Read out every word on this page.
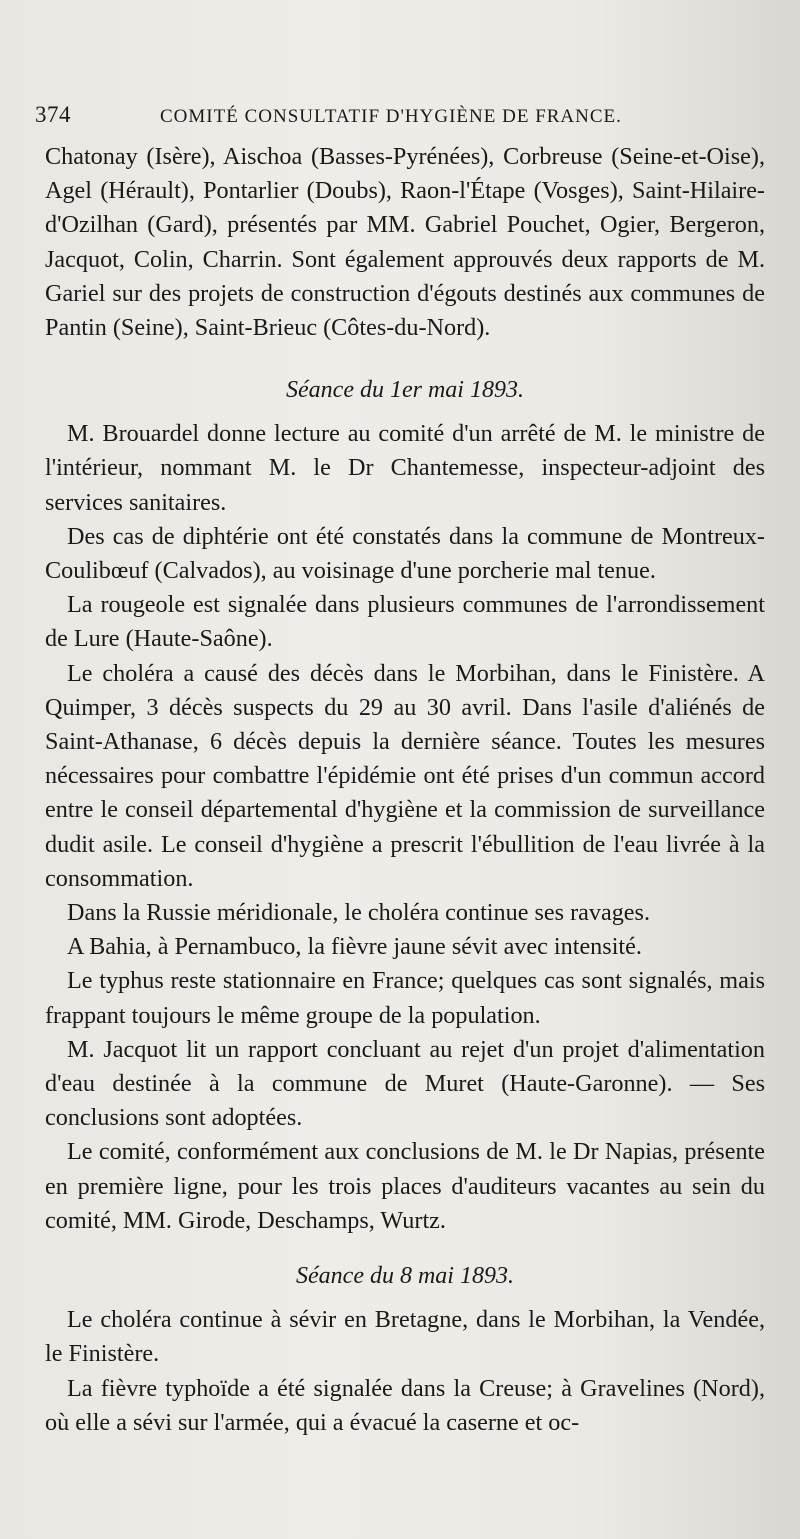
374	COMITÉ CONSULTATIF D'HYGIÈNE DE FRANCE.

Chatonay (Isère), Aischoa (Basses-Pyrénées), Corbreuse (Seine-et-Oise), Agel (Hérault), Pontarlier (Doubs), Raon-l'Étape (Vosges), Saint-Hilaire-d'Ozilhan (Gard), présentés par MM. Gabriel Pouchet, Ogier, Bergeron, Jacquot, Colin, Charrin. Sont également approuvés deux rapports de M. Gariel sur des projets de construction d'égouts destinés aux communes de Pantin (Seine), Saint-Brieuc (Côtes-du-Nord).

Séance du 1er mai 1893.

M. Brouardel donne lecture au comité d'un arrêté de M. le ministre de l'intérieur, nommant M. le Dr Chantemesse, inspecteur-adjoint des services sanitaires.

Des cas de diphtérie ont été constatés dans la commune de Montreux-Coulibœuf (Calvados), au voisinage d'une porcherie mal tenue.

La rougeole est signalée dans plusieurs communes de l'arrondissement de Lure (Haute-Saône).

Le choléra a causé des décès dans le Morbihan, dans le Finistère. A Quimper, 3 décès suspects du 29 au 30 avril. Dans l'asile d'aliénés de Saint-Athanase, 6 décès depuis la dernière séance. Toutes les mesures nécessaires pour combattre l'épidémie ont été prises d'un commun accord entre le conseil départemental d'hygiène et la commission de surveillance dudit asile. Le conseil d'hygiène a prescrit l'ébullition de l'eau livrée à la consommation.

Dans la Russie méridionale, le choléra continue ses ravages.

A Bahia, à Pernambuco, la fièvre jaune sévit avec intensité.

Le typhus reste stationnaire en France; quelques cas sont signalés, mais frappant toujours le même groupe de la population.

M. Jacquot lit un rapport concluant au rejet d'un projet d'alimentation d'eau destinée à la commune de Muret (Haute-Garonne). — Ses conclusions sont adoptées.

Le comité, conformément aux conclusions de M. le Dr Napias, présente en première ligne, pour les trois places d'auditeurs vacantes au sein du comité, MM. Girode, Deschamps, Wurtz.

Séance du 8 mai 1893.

Le choléra continue à sévir en Bretagne, dans le Morbihan, la Vendée, le Finistère.

La fièvre typhoïde a été signalée dans la Creuse; à Gravelines (Nord), où elle a sévi sur l'armée, qui a évacué la caserne et oc-
